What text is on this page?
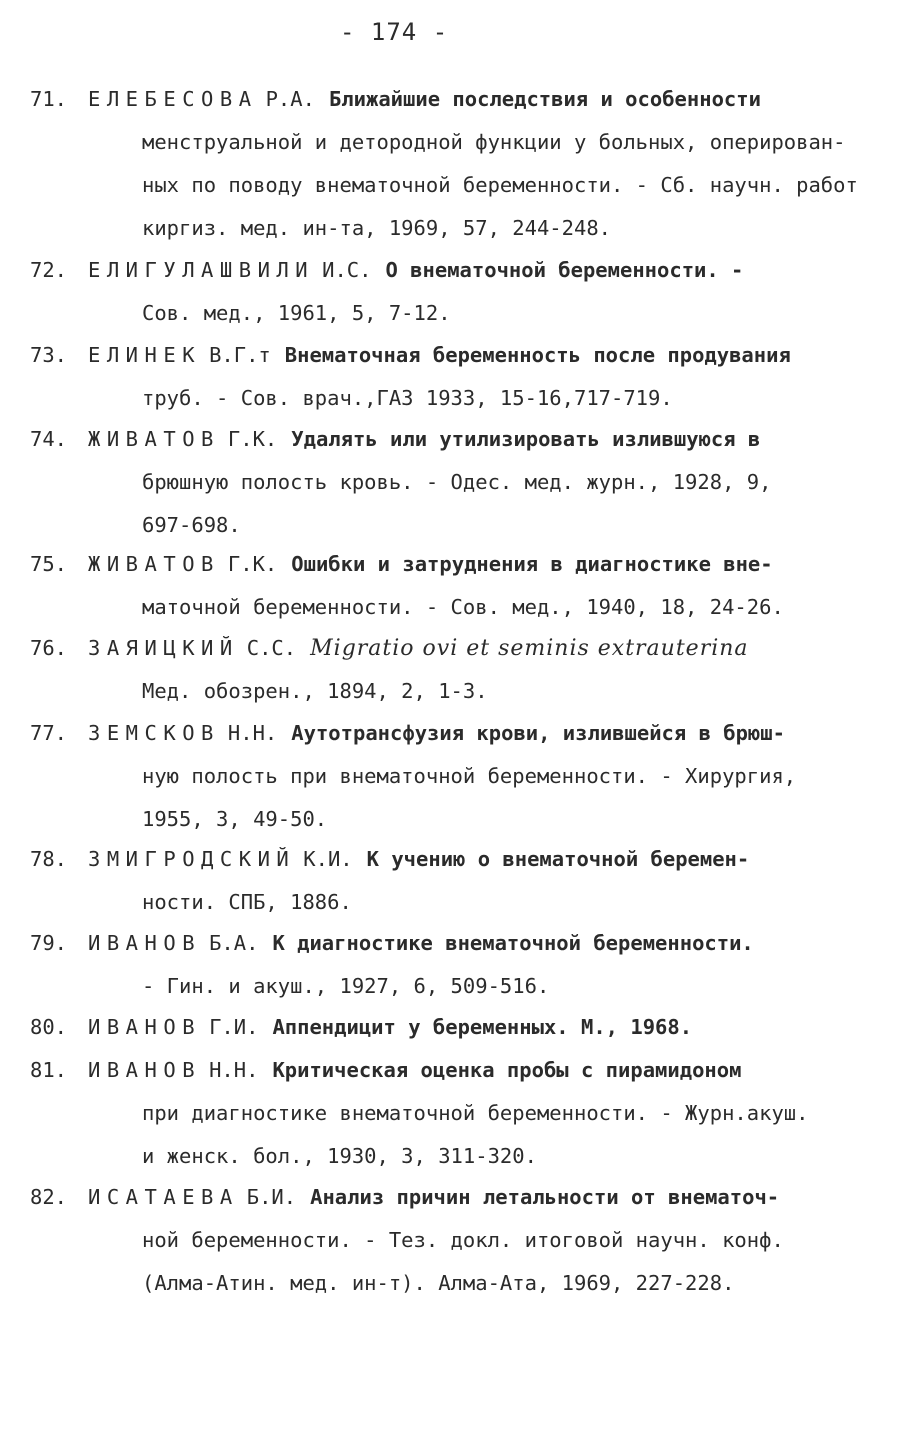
- 174 -
71. ЕЛЕБЕСОВА Р.А. Ближайшие последствия и особенности
менструальной и детородной функции у больных, оперирован-
ных по поводу внематочной беременности. - Сб. научн. работ
киргиз. мед. ин-та, 1969, 57, 244-248.
72. ЕЛИГУЛАШВИЛИ И.С. О внематочной беременности. -
Сов. мед., 1961, 5, 7-12.
73. ЕЛИНЕК В.Г.т Внематочная беременность после продувания
труб. - Сов. врач.,ГАЗ 1933, 15-16,717-719.
74. ЖИВАТОВ Г.К. Удалять или утилизировать излившуюся в
брюшную полость кровь. - Одес. мед. журн., 1928, 9,
697-698.
75. ЖИВАТОВ Г.К. Ошибки и затруднения в диагностике вне-
маточной беременности. - Сов. мед., 1940, 18, 24-26.
76. ЗАЯИЦКИЙ С.С. Migratio ovi et seminis extrauterina
Мед. обозрен., 1894, 2, 1-3.
77. ЗЕМСКОВ Н.Н. Аутотрансфузия крови, излившейся в брюш-
ную полость при внематочной беременности. - Хирургия,
1955, 3, 49-50.
78. ЗМИГРОДСКИЙ К.И. К учению о внематочной беремен-
ности. СПБ, 1886.
79. ИВАНОВ Б.А. К диагностике внематочной беременности.
- Гин. и акуш., 1927, 6, 509-516.
80. ИВАНОВ Г.И. Аппендицит у беременных. М., 1968.
81. ИВАНОВ Н.Н. Критическая оценка пробы с пирамидоном
при диагностике внематочной беременности. - Журн.акуш.
и женск. бол., 1930, 3, 311-320.
82. ИСАТАЕВА Б.И. Анализ причин летальности от внематоч-
ной беременности. - Тез. докл. итоговой научн. конф.
(Алма-Атин. мед. ин-т). Алма-Ата, 1969, 227-228.
